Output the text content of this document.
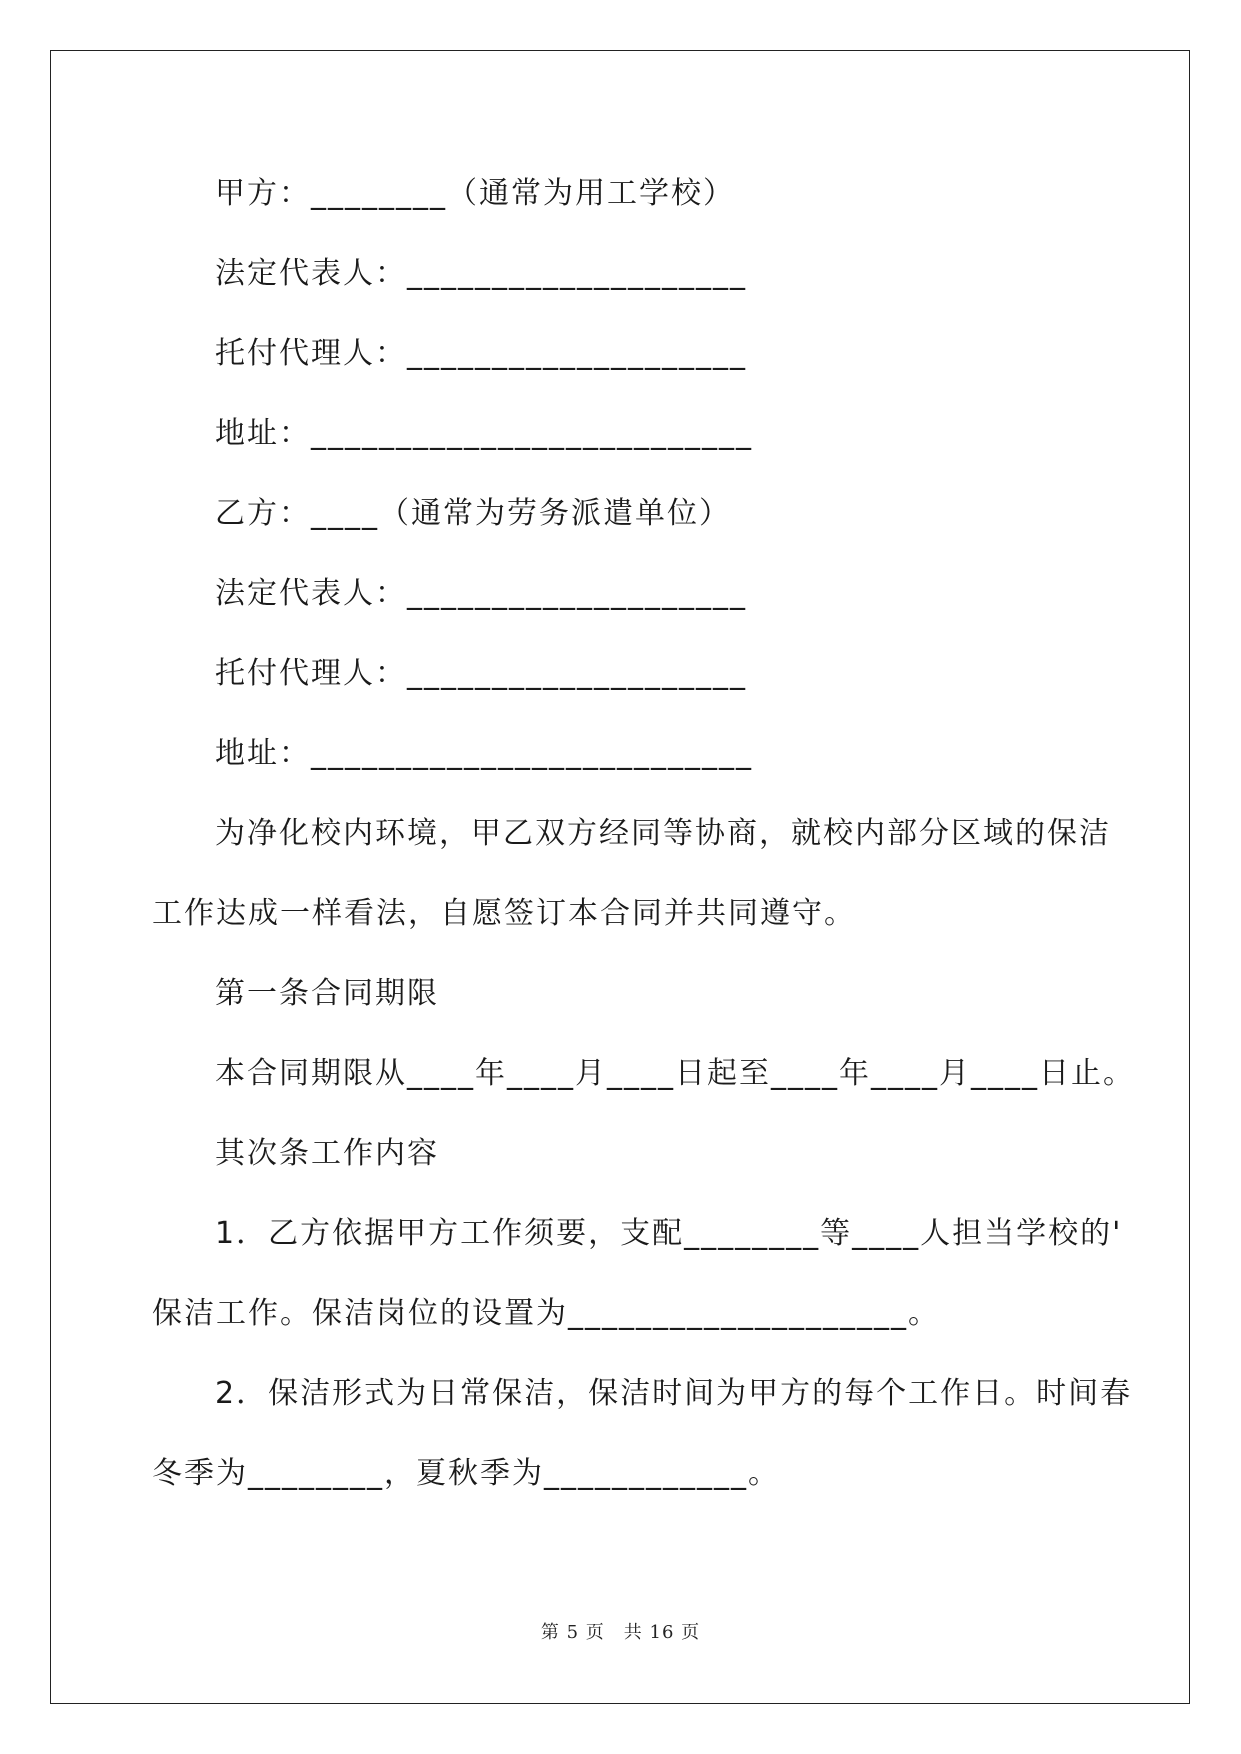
甲方：________（通常为用工学校）
法定代表人：____________________
托付代理人：____________________
地址：__________________________
乙方：____（通常为劳务派遣单位）
法定代表人：____________________
托付代理人：____________________
地址：__________________________
为净化校内环境，甲乙双方经同等协商，就校内部分区域的保洁
工作达成一样看法，自愿签订本合同并共同遵守。
第一条合同期限
本合同期限从____年____月____日起至____年____月____日止。
其次条工作内容
1．乙方依据甲方工作须要，支配________等____人担当学校的'
保洁工作。保洁岗位的设置为____________________。
2．保洁形式为日常保洁，保洁时间为甲方的每个工作日。时间春
冬季为________，夏秋季为____________。
第 5 页　共 16 页
